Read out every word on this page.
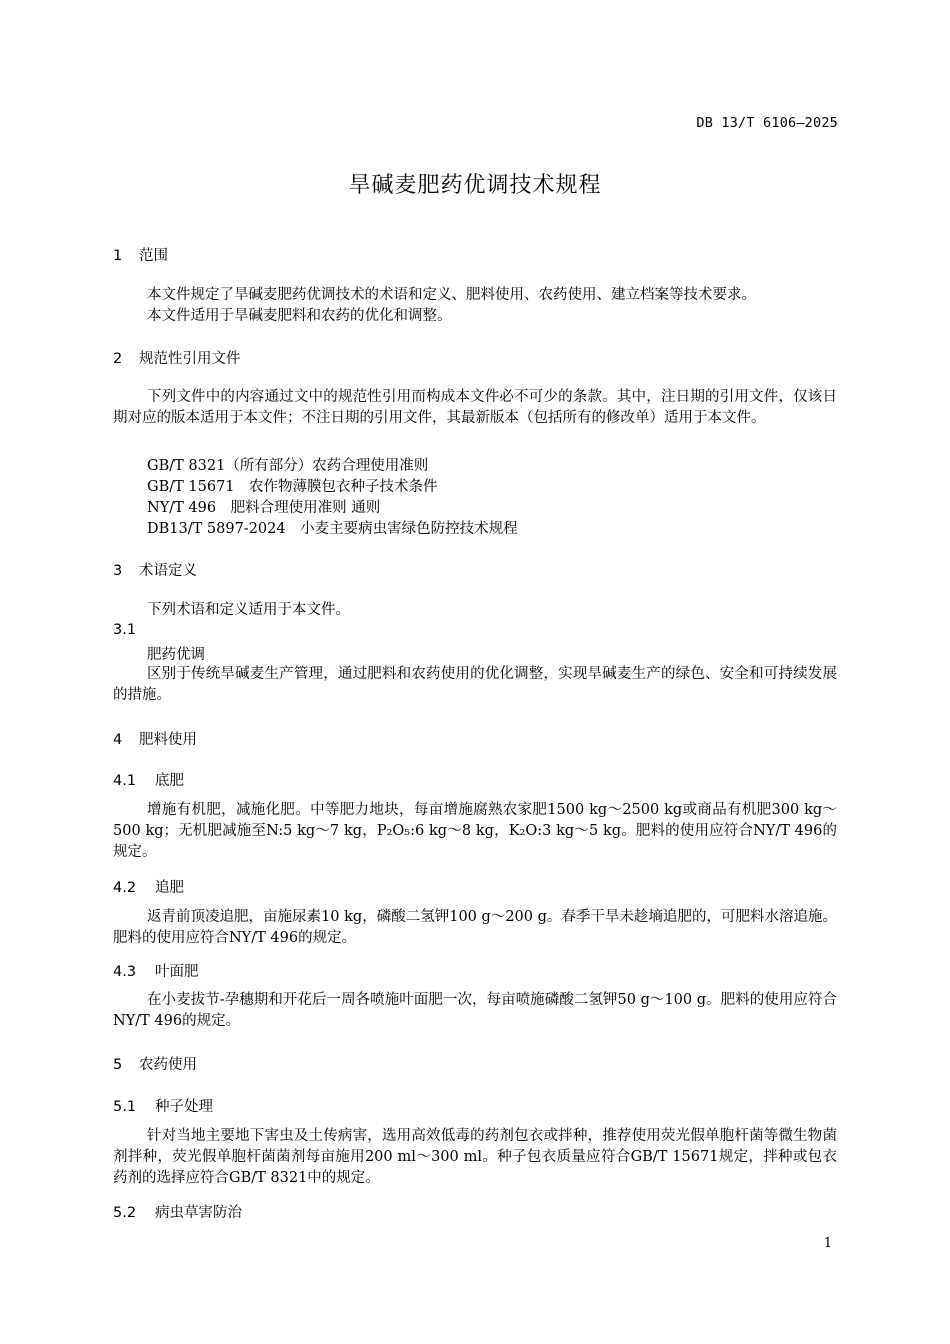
DB 13/T 6106—2025
旱碱麦肥药优调技术规程
1 范围
本文件规定了旱碱麦肥药优调技术的术语和定义、肥料使用、农药使用、建立档案等技术要求。
本文件适用于旱碱麦肥料和农药的优化和调整。
2 规范性引用文件
下列文件中的内容通过文中的规范性引用而构成本文件必不可少的条款。其中，注日期的引用文件，仅该日期对应的版本适用于本文件；不注日期的引用文件，其最新版本（包括所有的修改单）适用于本文件。
GB/T 8321（所有部分）农药合理使用准则
GB/T 15671　农作物薄膜包衣种子技术条件
NY/T 496　肥料合理使用准则 通则
DB13/T 5897-2024　小麦主要病虫害绿色防控技术规程
3 术语定义
下列术语和定义适用于本文件。
3.1
肥药优调
区别于传统旱碱麦生产管理，通过肥料和农药使用的优化调整，实现旱碱麦生产的绿色、安全和可持续发展的措施。
4 肥料使用
4.1 底肥
增施有机肥，减施化肥。中等肥力地块，每亩增施腐熟农家肥1500 kg～2500 kg或商品有机肥300 kg～500 kg；无机肥减施至N:5 kg～7 kg，P₂O₅:6 kg～8 kg，K₂O:3 kg～5 kg。肥料的使用应符合NY/T 496的规定。
4.2 追肥
返青前顶凌追肥，亩施尿素10 kg，磷酸二氢钾100 g～200 g。春季干旱未趁墒追肥的，可肥料水溶追施。肥料的使用应符合NY/T 496的规定。
4.3 叶面肥
在小麦拔节-孕穗期和开花后一周各喷施叶面肥一次，每亩喷施磷酸二氢钾50 g～100 g。肥料的使用应符合NY/T 496的规定。
5 农药使用
5.1 种子处理
针对当地主要地下害虫及土传病害，选用高效低毒的药剂包衣或拌种，推荐使用荧光假单胞杆菌等微生物菌剂拌种，荧光假单胞杆菌菌剂每亩施用200 ml～300 ml。种子包衣质量应符合GB/T 15671规定，拌种或包衣药剂的选择应符合GB/T 8321中的规定。
5.2 病虫草害防治
1
